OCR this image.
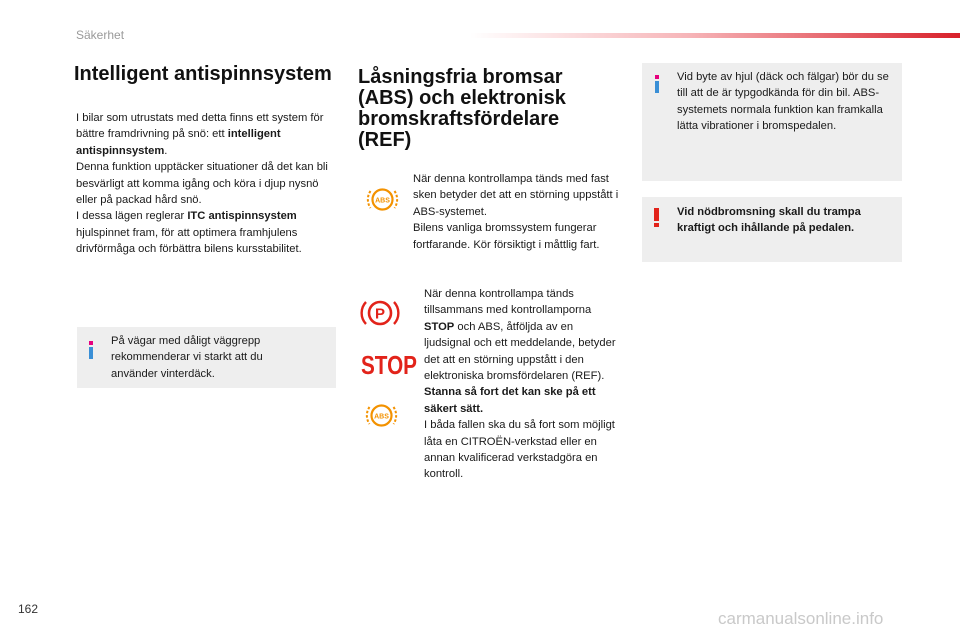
Säkerhet
Intelligent antispinnsystem
I bilar som utrustats med detta finns ett system för bättre framdrivning på snö: ett intelligent antispinnsystem.
Denna funktion upptäcker situationer då det kan bli besvärligt att komma igång och köra i djup nysnö eller på packad hård snö.
I dessa lägen reglerar ITC antispinnsystem hjulspinnet fram, för att optimera framhjulens drivförmåga och förbättra bilens kursstabilitet.
På vägar med dåligt väggrepp rekommenderar vi starkt att du använder vinterdäck.
Låsningsfria bromsar (ABS) och elektronisk bromskraftsfördelare (REF)
ABS
När denna kontrollampa tänds med fast sken betyder det att en störning uppstått i ABS-systemet.
Bilens vanliga bromssystem fungerar fortfarande. Kör försiktigt i måttlig fart.
P
STOP
ABS
När denna kontrollampa tänds tillsammans med kontrollamporna STOP och ABS, åtföljda av en ljudsignal och ett meddelande, betyder det att en störning uppstått i den elektroniska bromsfördelaren (REF).
Stanna så fort det kan ske på ett säkert sätt.
I båda fallen ska du så fort som möjligt låta en CITROËN-verkstad eller en annan kvalificerad verkstadgöra en kontroll.
Vid byte av hjul (däck och fälgar) bör du se till att de är typgodkända för din bil. ABS-systemets normala funktion kan framkalla lätta vibrationer i bromspedalen.
Vid nödbromsning skall du trampa kraftigt och ihållande på pedalen.
162	carmanualsonline.info
